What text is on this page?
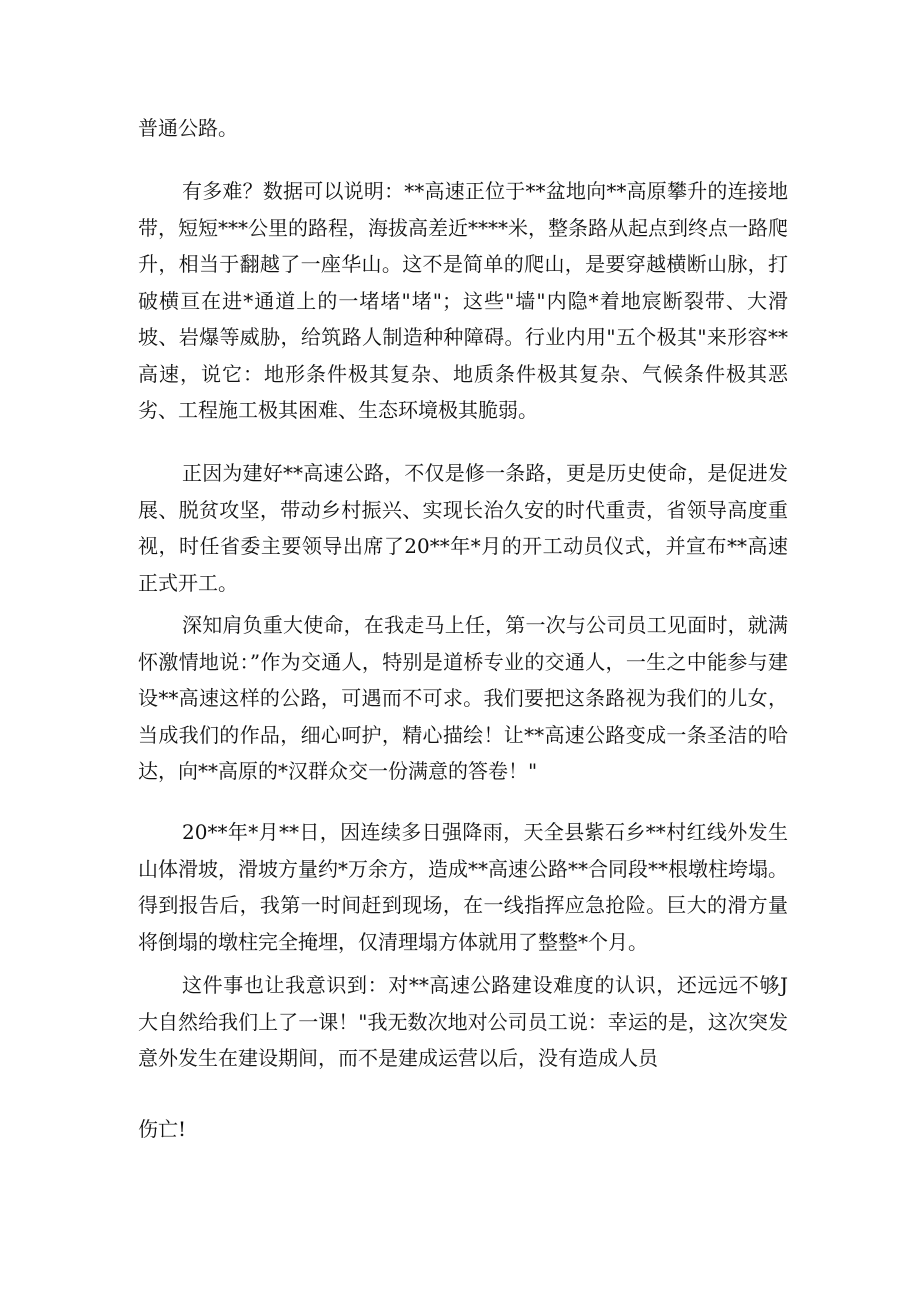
普通公路。

有多难？数据可以说明：**高速正位于**盆地向**高原攀升的连接地带，短短***公里的路程，海拔高差近****米，整条路从起点到终点一路爬升，相当于翻越了一座华山。这不是简单的爬山，是要穿越横断山脉，打破横亘在进*通道上的一堵堵"堵"；这些"墙"内隐*着地宸断裂带、大滑坡、岩爆等威胁，给筑路人制造种种障碍。行业内用"五个极其"来形容**高速，说它：地形条件极其复杂、地质条件极其复杂、气候条件极其恶劣、工程施工极其困难、生态环境极其脆弱。

正因为建好**高速公路，不仅是修一条路，更是历史使命，是促进发展、脱贫攻坚，带动乡村振兴、实现长治久安的时代重责，省领导高度重视，时任省委主要领导出席了20**年*月的开工动员仪式，并宣布**高速正式开工。

深知肩负重大使命，在我走马上任，第一次与公司员工见面时，就满怀激情地说：”作为交通人，特别是道桥专业的交通人，一生之中能参与建设**高速这样的公路，可遇而不可求。我们要把这条路视为我们的儿女，当成我们的作品，细心呵护，精心描绘！让**高速公路变成一条圣洁的哈达，向**高原的*汉群众交一份满意的答卷！"

20**年*月**日，因连续多日强降雨，天全县紫石乡**村红线外发生山体滑坡，滑坡方量约*万余方，造成**高速公路**合同段**根墩柱垮塌。得到报告后，我第一时间赶到现场，在一线指挥应急抢险。巨大的滑方量将倒塌的墩柱完全掩埋，仅清理塌方体就用了整整*个月。

这件事也让我意识到：对**高速公路建设难度的认识，还远远不够J大自然给我们上了一课！"我无数次地对公司员工说：幸运的是，这次突发意外发生在建设期间，而不是建成运营以后，没有造成人员

伤亡!
